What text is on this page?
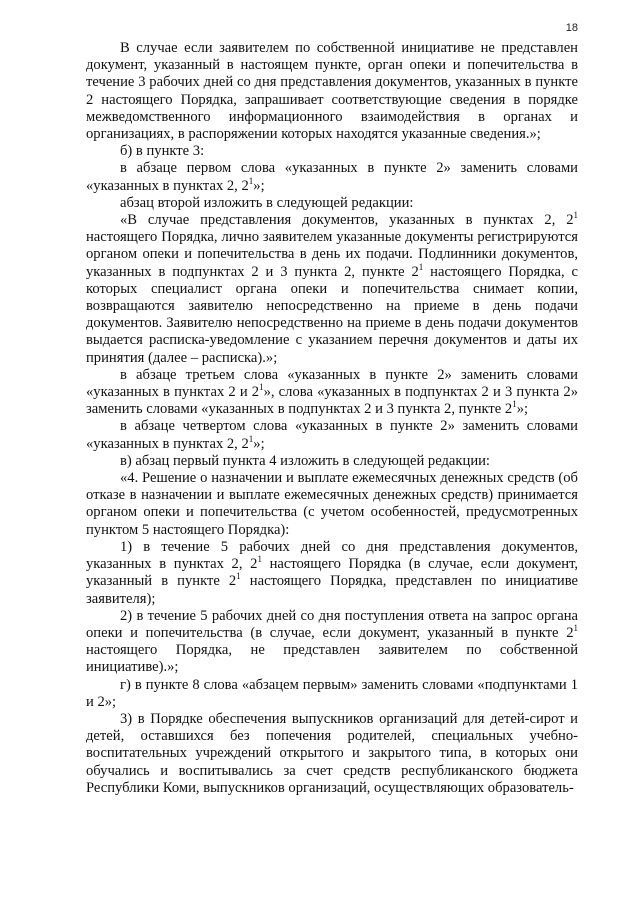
18

В случае если заявителем по собственной инициативе не представлен документ, указанный в настоящем пункте, орган опеки и попечительства в течение 3 рабочих дней со дня представления документов, указанных в пункте 2 настоящего Порядка, запрашивает соответствующие сведения в порядке межведомственного информационного взаимодействия в органах и организациях, в распоряжении которых находятся указанные сведения.»;

б) в пункте 3:

в абзаце первом слова «указанных в пункте 2» заменить словами «указанных в пунктах 2, $2^1$»;

абзац второй изложить в следующей редакции:

«В случае представления документов, указанных в пунктах 2, $2^1$ настоящего Порядка, лично заявителем указанные документы регистрируются органом опеки и попечительства в день их подачи. Подлинники документов, указанных в подпунктах 2 и 3 пункта 2, пункте $2^1$ настоящего Порядка, с которых специалист органа опеки и попечительства снимает копии, возвращаются заявителю непосредственно на приеме в день подачи документов. Заявителю непосредственно на приеме в день подачи документов выдается расписка-уведомление с указанием перечня документов и даты их принятия (далее – расписка).»;

в абзаце третьем слова «указанных в пункте 2» заменить словами «указанных в пунктах 2 и $2^1$», слова «указанных в подпунктах 2 и 3 пункта 2» заменить словами «указанных в подпунктах 2 и 3 пункта 2, пункте $2^1$»;

в абзаце четвертом слова «указанных в пункте 2» заменить словами «указанных в пунктах 2, $2^1$»;

в) абзац первый пункта 4 изложить в следующей редакции:

«4. Решение о назначении и выплате ежемесячных денежных средств (об отказе в назначении и выплате ежемесячных денежных средств) принимается органом опеки и попечительства (с учетом особенностей, предусмотренных пунктом 5 настоящего Порядка):

1) в течение 5 рабочих дней со дня представления документов, указанных в пунктах 2, $2^1$ настоящего Порядка (в случае, если документ, указанный в пункте $2^1$ настоящего Порядка, представлен по инициативе заявителя);

2) в течение 5 рабочих дней со дня поступления ответа на запрос органа опеки и попечительства (в случае, если документ, указанный в пункте $2^1$ настоящего Порядка, не представлен заявителем по собственной инициативе).»;

г) в пункте 8 слова «абзацем первым» заменить словами «подпунктами 1 и 2»;

3) в Порядке обеспечения выпускников организаций для детей-сирот и детей, оставшихся без попечения родителей, специальных учебно-воспитательных учреждений открытого и закрытого типа, в которых они обучались и воспитывались за счет средств республиканского бюджета Республики Коми, выпускников организаций, осуществляющих образователь-
